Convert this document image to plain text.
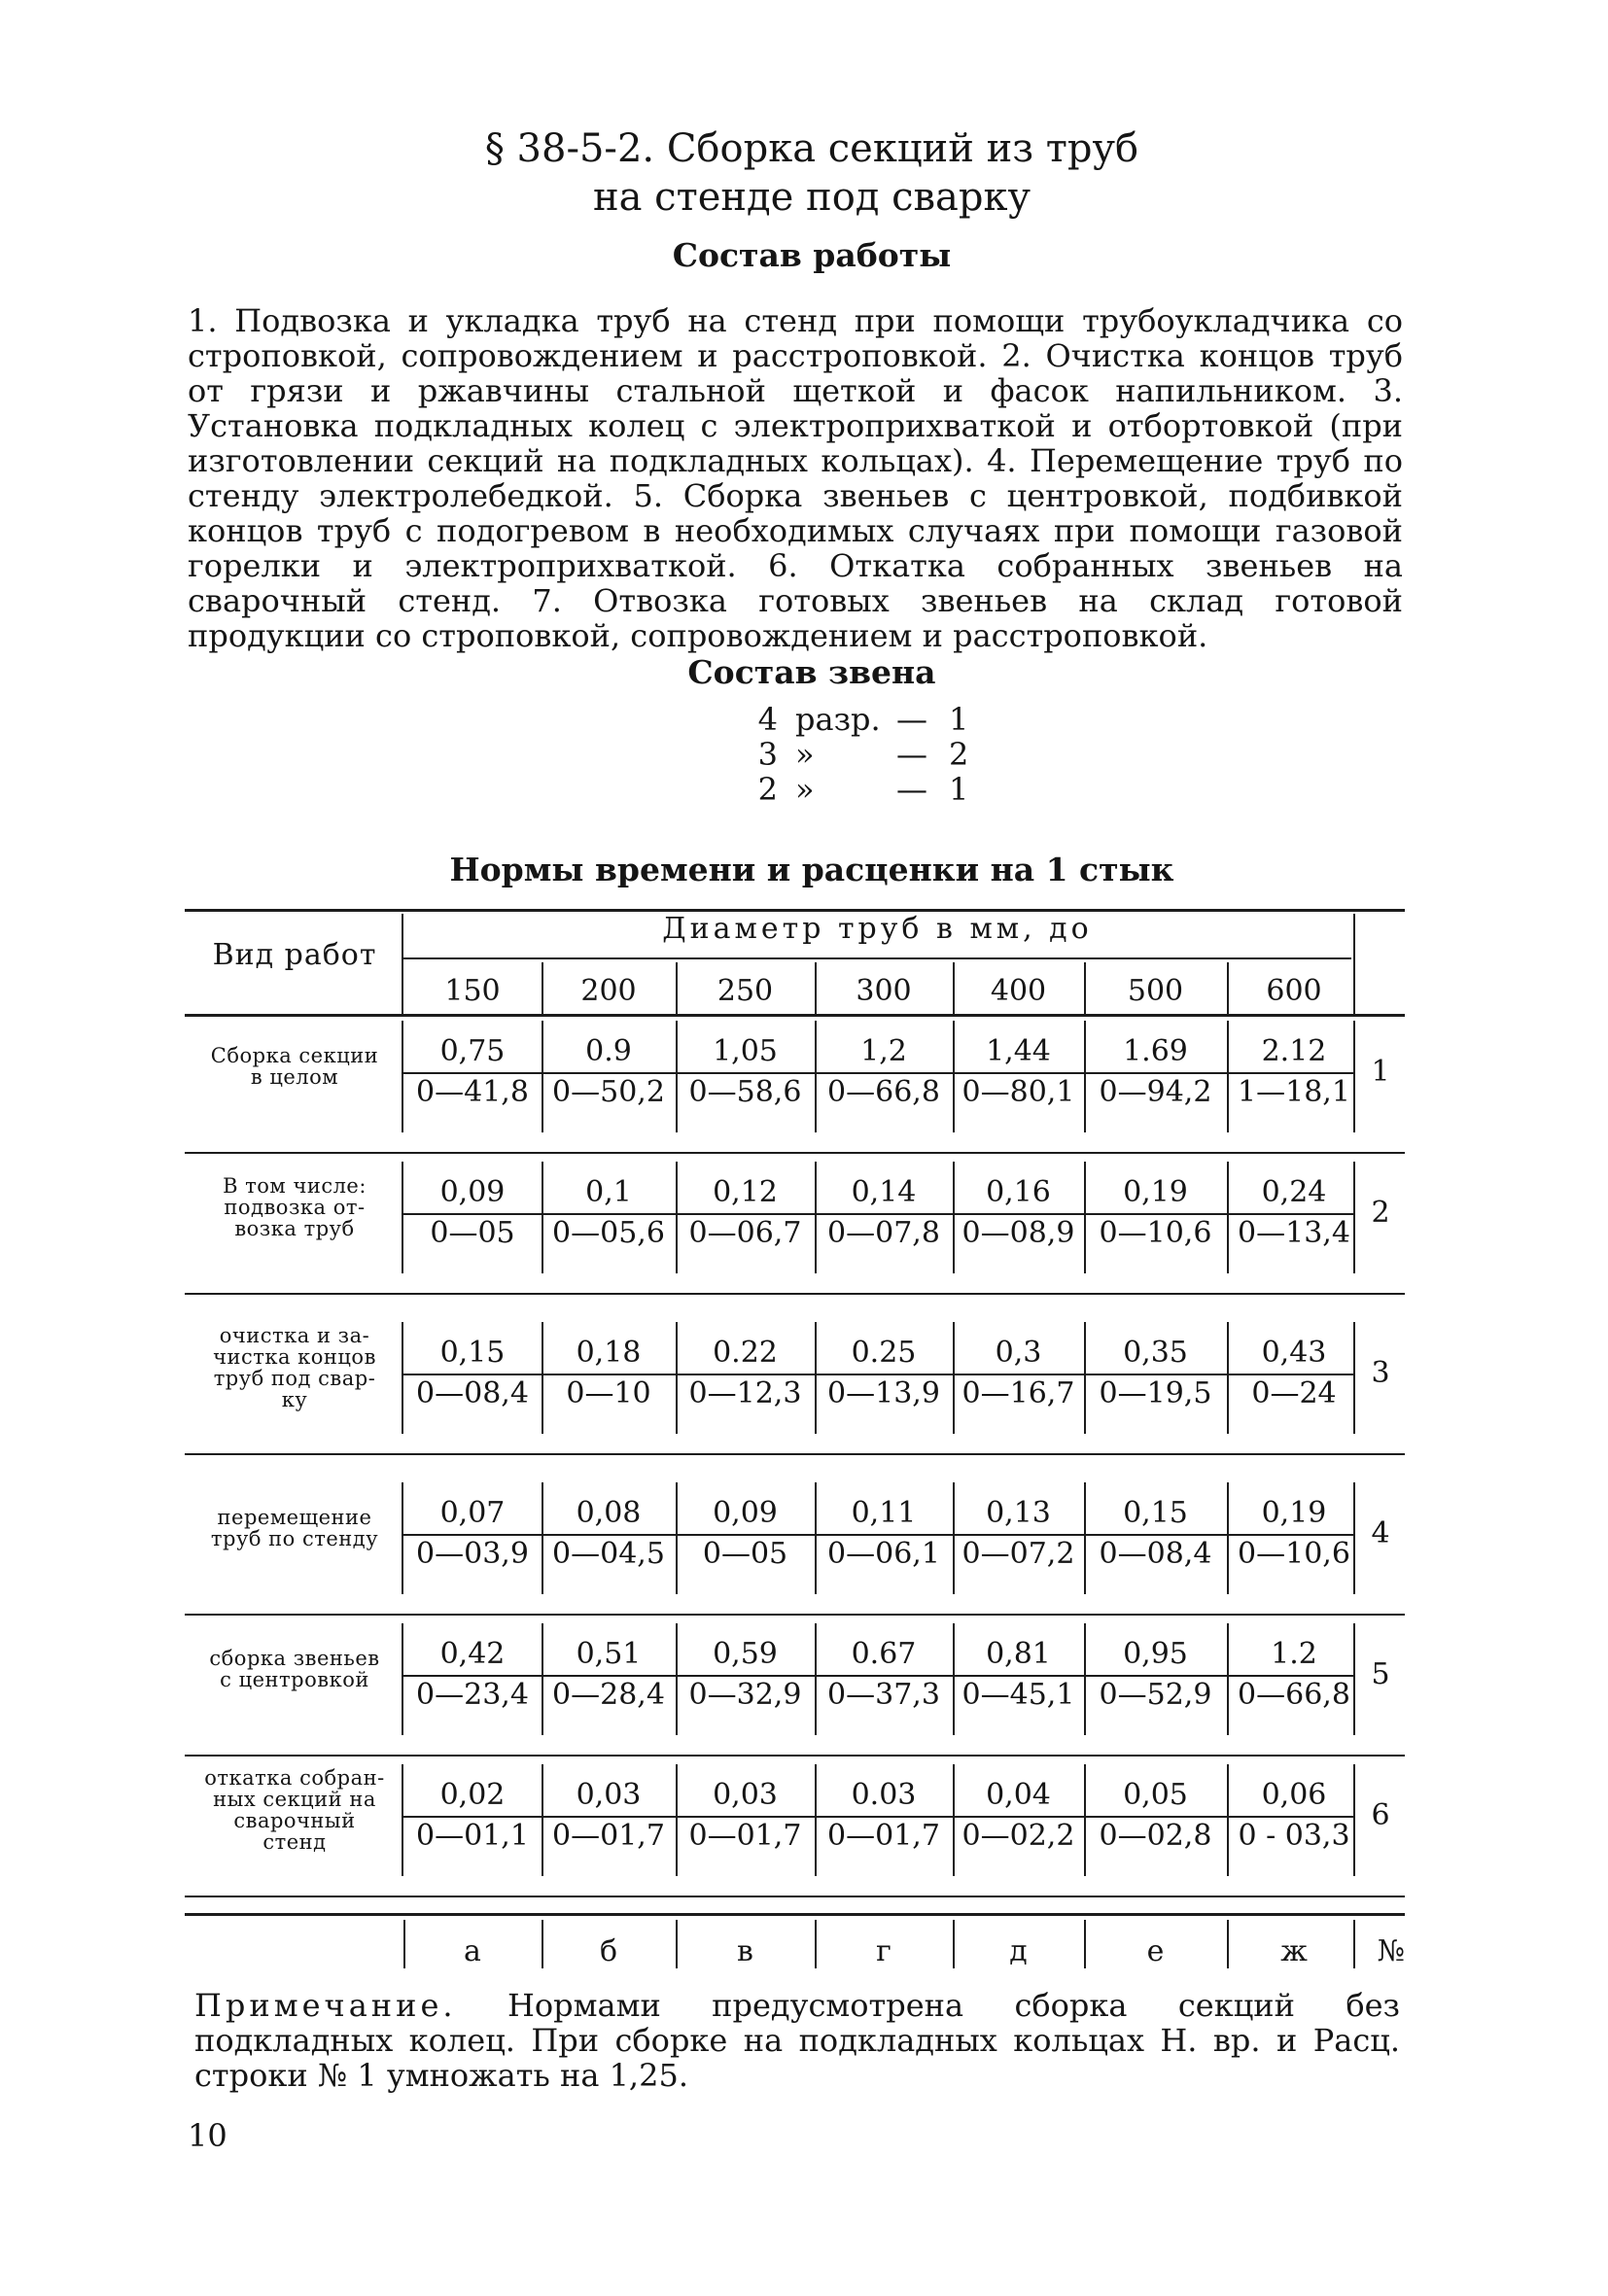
§ 38-5-2. Сборка секций из труб
на стенде под сварку
Состав работы

1. Подвозка и укладка труб на стенд при помощи трубоукладчика со строповкой, сопровождением и расстроповкой. 2. Очистка концов труб от грязи и ржавчины стальной щеткой и фасок напильником. 3. Установка подкладных колец с электроприхваткой и отбортовкой (при изготовлении секций на подкладных кольцах). 4. Перемещение труб по стенду электролебедкой. 5. Сборка звеньев с центровкой, подбивкой концов труб с подогревом в необходимых случаях при помощи газовой горелки и электроприхваткой. 6. Откатка собранных звеньев на сварочный стенд. 7. Отвозка готовых звеньев на склад готовой продукции со строповкой, сопровождением и расстроповкой.

Состав звена
4 разр. — 1
3 »	— 2
2 »	— 1
Нормы времени и расценки на 1 стык
Вид работ
Диаметр труб в мм, до
150	200	250	300	400	500	600
Сборка секции
в целом
0,75	0.9	1,05	1,2	1,44	1.69	2.12
0—41,8 0—50,2 0—58,6 0—66,8 0—80,1 0—94,2 1—18,1
1
В том числе:
подвозка от-
возка труб
0,09	0,1	0,12	0,14	0,16	0,19	0,24
0—05	0—05,6 0—06,7 0—07,8 0—08,9 0—10,6 0—13,4
2
очистка и за-
чистка концов
труб под свар-
ку
0,15	0,18	0.22	0.25	0,3	0,35	0,43
0—08,4	0—10	0—12,3 0—13,9 0—16,7 0—19,5	0—24
3
перемещение
труб по стенду
0,07	0,08	0,09	0,11	0,13	0,15	0,19
0—03,9 0—04,5	0—05	0—06,1 0—07,2 0—08,4 0—10,6
4
сборка звеньев
с центровкой
0,42	0,51	0,59	0.67	0,81	0,95	1.2
0—23,4 0—28,4 0—32,9 0—37,3 0—45,1 0—52,9 0—66,8
5
откатка собран-
ных секций на
сварочный
стенд
0,02	0,03	0,03	0.03	0,04	0,05	0,06
0—01,1 0—01,7 0—01,7 0—01,7 0—02,2 0—02,8 0 - 03,3
6
а	б	в	г	д	е	ж	№

Примечание. Нормами предусмотрена сборка секций без подкладных колец. При сборке на подкладных кольцах Н. вр. и Расц. строки № 1 умножать на 1,25.

10
